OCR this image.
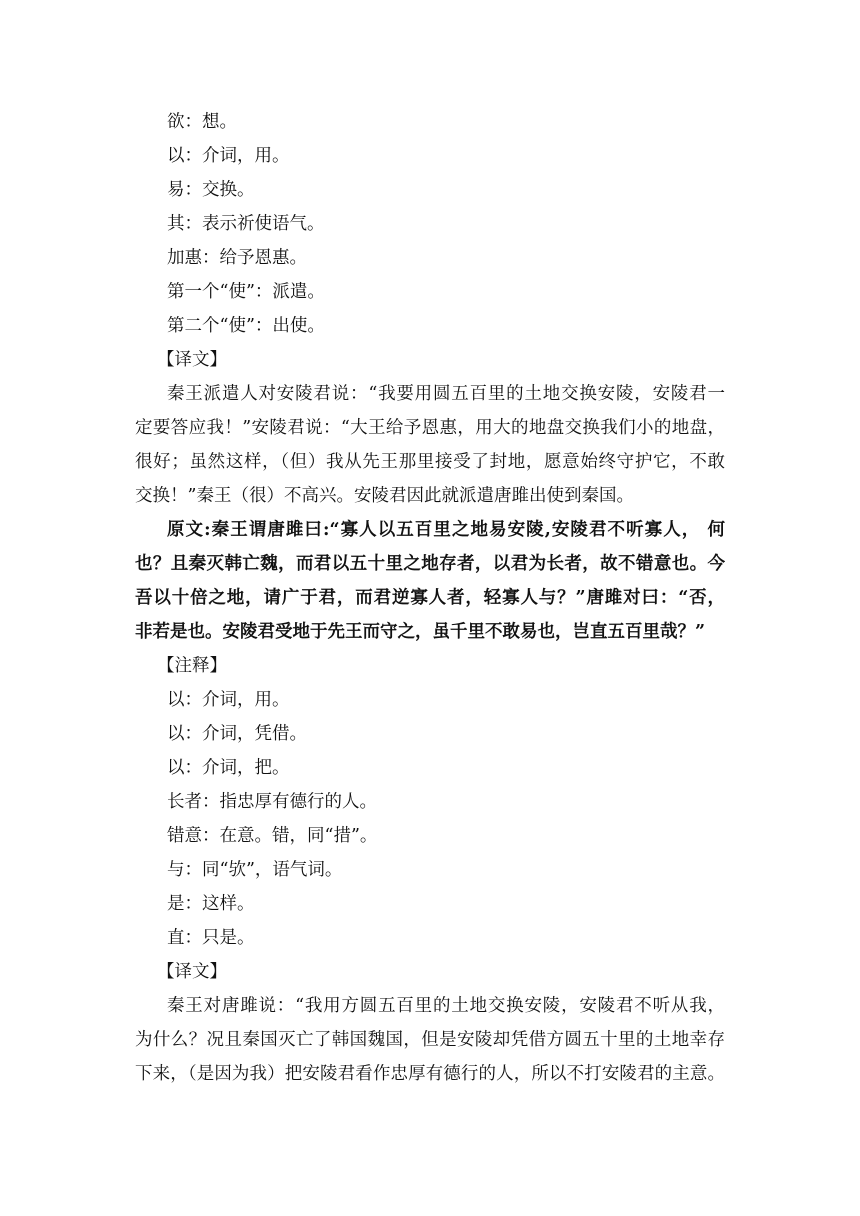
欲：想。

以：介词，用。

易：交换。

其：表示祈使语气。

加惠：给予恩惠。

第一个“使”：派遣。

第二个“使”：出使。

【译文】

秦王派遣人对安陵君说：“我要用圆五百里的土地交换安陵，安陵君一
定要答应我！”安陵君说：“大王给予恩惠，用大的地盘交换我们小的地盘，
很好；虽然这样，（但）我从先王那里接受了封地，愿意始终守护它，不敢
交换！”秦王（很）不高兴。安陵君因此就派遣唐雎出使到秦国。
原文:秦王谓唐雎曰:“寡人以五百里之地易安陵,安陵君不听寡人， 何
也？且秦灭韩亡魏，而君以五十里之地存者，以君为长者，故不错意也。今
吾以十倍之地，请广于君，而君逆寡人者，轻寡人与？”唐雎对曰：“否，
非若是也。安陵君受地于先王而守之，虽千里不敢易也，岂直五百里哉？”

【注释】

以：介词，用。

以：介词，凭借。

以：介词，把。

长者：指忠厚有德行的人。

错意：在意。错，同“措”。

与：同“欤”，语气词。

是：这样。

直：只是。

【译文】

秦王对唐雎说：“我用方圆五百里的土地交换安陵，安陵君不听从我，
为什么？况且秦国灭亡了韩国魏国，但是安陵却凭借方圆五十里的土地幸存
下来，（是因为我）把安陵君看作忠厚有德行的人，所以不打安陵君的主意。
